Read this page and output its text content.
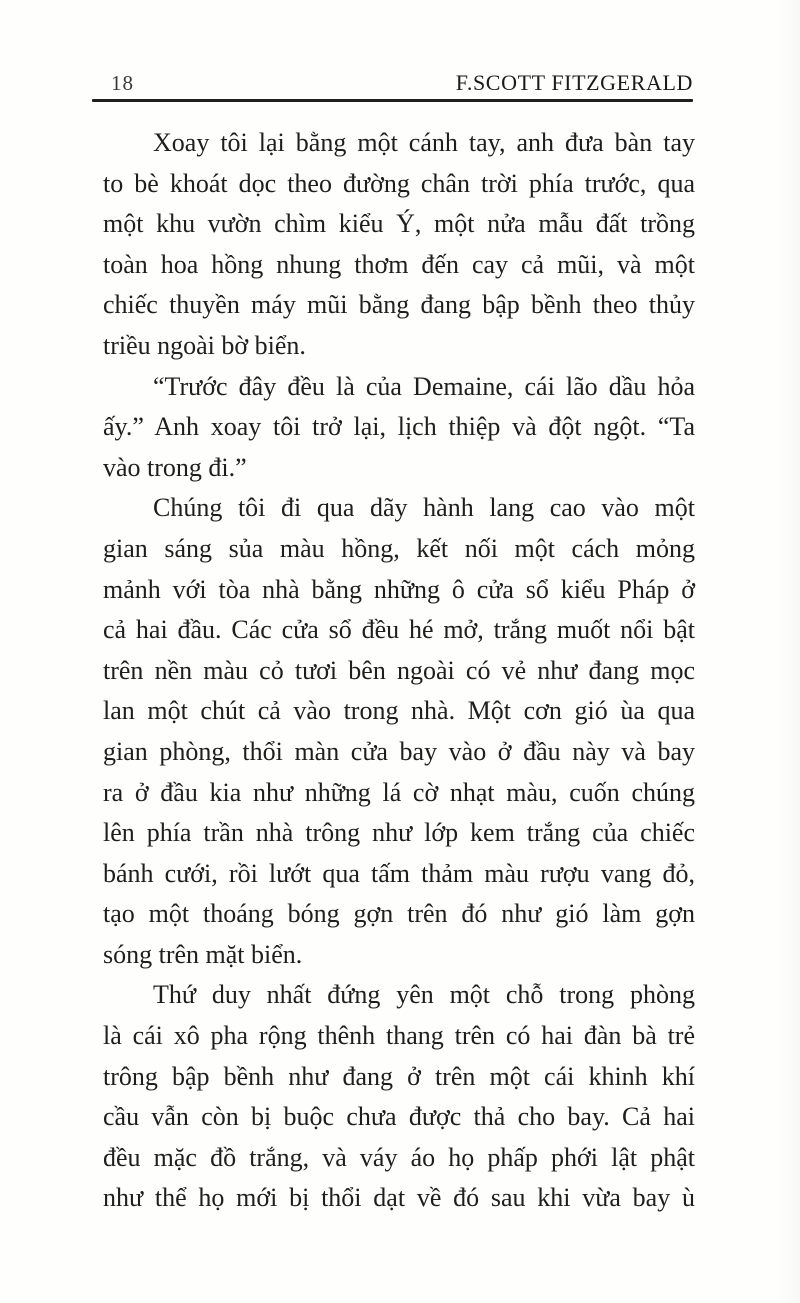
18	F.SCOTT FITZGERALD
Xoay tôi lại bằng một cánh tay, anh đưa bàn tay
to bè khoát dọc theo đường chân trời phía trước, qua
một khu vườn chìm kiểu Ý, một nửa mẫu đất trồng
toàn hoa hồng nhung thơm đến cay cả mũi, và một
chiếc thuyền máy mũi bằng đang bập bềnh theo thủy
triều ngoài bờ biển.
“Trước đây đều là của Demaine, cái lão dầu hỏa
ấy.” Anh xoay tôi trở lại, lịch thiệp và đột ngột. “Ta
vào trong đi.”
Chúng tôi đi qua dãy hành lang cao vào một
gian sáng sủa màu hồng, kết nối một cách mỏng
mảnh với tòa nhà bằng những ô cửa sổ kiểu Pháp ở
cả hai đầu. Các cửa sổ đều hé mở, trắng muốt nổi bật
trên nền màu cỏ tươi bên ngoài có vẻ như đang mọc
lan một chút cả vào trong nhà. Một cơn gió ùa qua
gian phòng, thổi màn cửa bay vào ở đầu này và bay
ra ở đầu kia như những lá cờ nhạt màu, cuốn chúng
lên phía trần nhà trông như lớp kem trắng của chiếc
bánh cưới, rồi lướt qua tấm thảm màu rượu vang đỏ,
tạo một thoáng bóng gợn trên đó như gió làm gợn
sóng trên mặt biển.
Thứ duy nhất đứng yên một chỗ trong phòng
là cái xô pha rộng thênh thang trên có hai đàn bà trẻ
trông bập bềnh như đang ở trên một cái khinh khí
cầu vẫn còn bị buộc chưa được thả cho bay. Cả hai
đều mặc đồ trắng, và váy áo họ phấp phới lật phật
như thể họ mới bị thổi dạt về đó sau khi vừa bay ù
